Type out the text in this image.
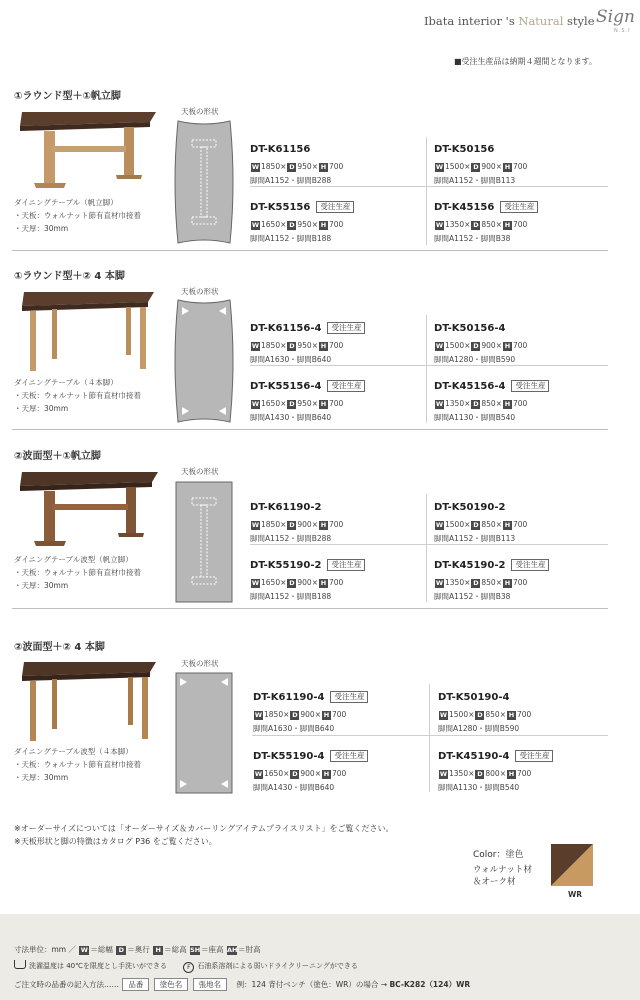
Ibata interior 's Natural style Sign
N.S.I
■受注生産品は納期４週間となります。
①ラウンド型＋①帆立脚
天板の形状
ダイニングテーブル（帆立脚）
・天板：ウォルナット節有直材巾接着
・天厚：30mm
DT-K61156
W 1850× D 950× H 700
脚間A1152・脚間B288
DT-K50156
W 1500× D 900× H 700
脚間A1152・脚間B113
DT-K55156 受注生産
W 1650× D 950× H 700
脚間A1152・脚間B188
DT-K45156 受注生産
W 1350× D 850× H 700
脚間A1152・脚間B38
①ラウンド型＋② 4 本脚
天板の形状
ダイニングテーブル（４本脚）
・天板：ウォルナット節有直材巾接着
・天厚：30mm
DT-K61156-4 受注生産
W 1850× D 950× H 700
脚間A1630・脚間B640
DT-K50156-4
W 1500× D 900× H 700
脚間A1280・脚間B590
DT-K55156-4 受注生産
W 1650× D 950× H 700
脚間A1430・脚間B640
DT-K45156-4 受注生産
W 1350× D 850× H 700
脚間A1130・脚間B540
②波面型＋①帆立脚
天板の形状
ダイニングテーブル波型（帆立脚）
・天板：ウォルナット節有直材巾接着
・天厚：30mm
DT-K61190-2
W 1850× D 900× H 700
脚間A1152・脚間B288
DT-K50190-2
W 1500× D 850× H 700
脚間A1152・脚間B113
DT-K55190-2 受注生産
W 1650× D 900× H 700
脚間A1152・脚間B188
DT-K45190-2 受注生産
W 1350× D 850× H 700
脚間A1152・脚間B38
②波面型＋② 4 本脚
天板の形状
ダイニングテーブル波型（４本脚）
・天板：ウォルナット節有直材巾接着
・天厚：30mm
DT-K61190-4 受注生産
W 1850× D 900× H 700
脚間A1630・脚間B640
DT-K50190-4
W 1500× D 850× H 700
脚間A1280・脚間B590
DT-K55190-4 受注生産
W 1650× D 900× H 700
脚間A1430・脚間B640
DT-K45190-4 受注生産
W 1350× D 800× H 700
脚間A1130・脚間B540
※オーダーサイズについては「オーダーサイズ＆カバーリングアイテムプライスリスト」をご覧ください。
※天板形状と脚の特徴はカタログ P36 をご覧ください。
Color：塗色
ウォルナット材
＆オーク材
WR
寸法単位：mm ／ W ＝総幅 D ＝奥行 H ＝総高 SH＝座高 AH＝肘高
洗濯温度は 40℃を限度とし手洗いができる	F 石油系溶剤による弱いドライクリーニングができる
ご注文時の品番の記入方法…… 品番 塗色名 張地名 例：124 背付ベンチ（塗色：WR）の場合 → BC-K282（124）WR
